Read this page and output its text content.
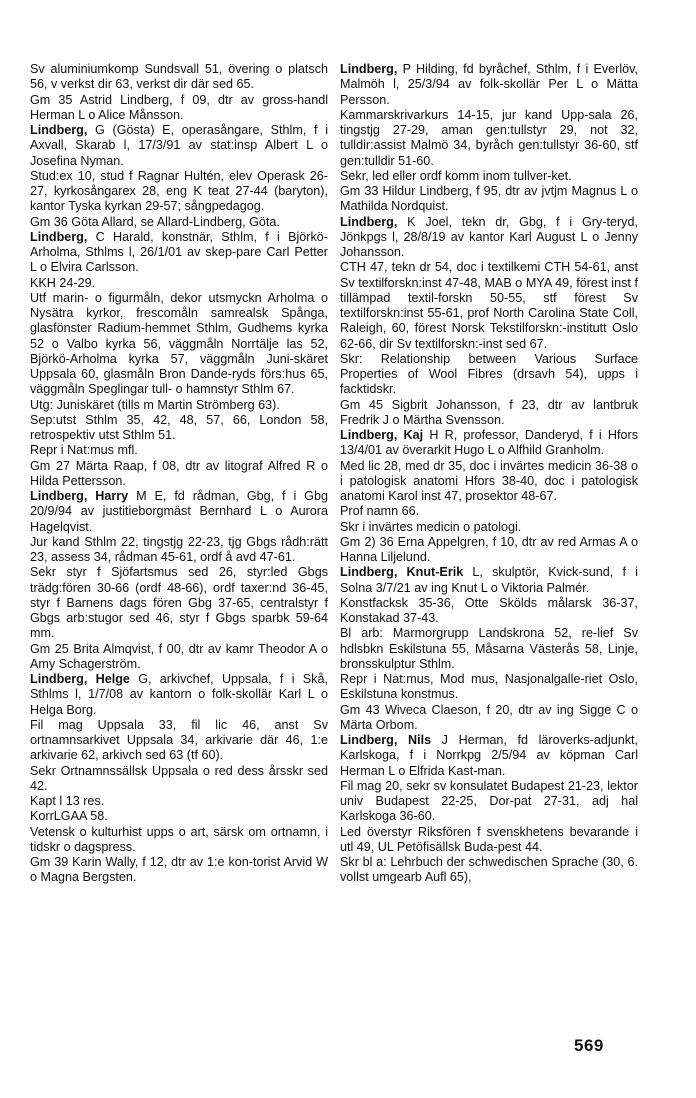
Sv aluminiumkomp Sundsvall 51, övering o platsch 56, v verkst dir 63, verkst dir där sed 65.

Gm 35 Astrid Lindberg, f 09, dtr av gross-handl Herman L o Alice Månsson.

Lindberg, G (Gösta) E, operasångare, Sthlm, f i Axvall, Skarab l, 17/3/91 av stat:insp Albert L o Josefina Nyman.

Stud:ex 10, stud f Ragnar Hultén, elev Operask 26-27, kyrkosångarex 28, eng K teat 27-44 (baryton), kantor Tyska kyrkan 29-57; sångpedagog.

Gm 36 Göta Allard, se Allard-Lindberg, Göta.

Lindberg, C Harald, konstnär, Sthlm, f i Björkö-Arholma, Sthlms l, 26/1/01 av skep-pare Carl Petter L o Elvira Carlsson.

KKH 24-29.

Utf marin- o figurmåln, dekor utsmyckn Arholma o Nysätra kyrkor, frescomåln samrealsk Spånga, glasfönster Radium-hemmet Sthlm, Gudhems kyrka 52 o Valbo kyrka 56, väggmåln Norrtälje las 52, Björkö-Arholma kyrka 57, väggmåln Juni-skäret Uppsala 60, glasmåln Bron Dande-ryds förs:hus 65, väggmåln Speglingar tull- o hamnstyr Sthlm 67.

Utg: Juniskäret (tills m Martin Strömberg 63).

Sep:utst Sthlm 35, 42, 48, 57, 66, London 58, retrospektiv utst Sthlm 51.

Repr i Nat:mus mfl.

Gm 27 Märta Raap, f 08, dtr av litograf Alfred R o Hilda Pettersson.

Lindberg, Harry M E, fd rådman, Gbg, f i Gbg 20/9/94 av justitieborgmäst Bernhard L o Aurora Hagelqvist.

Jur kand Sthlm 22, tingstjg 22-23, tjg Gbgs rådh:rätt 23, assess 34, rådman 45-61, ordf å avd 47-61.

Sekr styr f Sjöfartsmus sed 26, styr:led Gbgs trädg:fören 30-66 (ordf 48-66), ordf taxer:nd 36-45, styr f Barnens dags fören Gbg 37-65, centralstyr f Gbgs arb:stugor sed 46, styr f Gbgs sparbk 59-64 mm.

Gm 25 Brita Almqvist, f 00, dtr av kamr Theodor A o Amy Schagerström.

Lindberg, Helge G, arkivchef, Uppsala, f i Skå, Sthlms l, 1/7/08 av kantorn o folk-skollär Karl L o Helga Borg.

Fil mag Uppsala 33, fil lic 46, anst Sv ortnamnsarkivet Uppsala 34, arkivarie där 46, 1:e arkivarie 62, arkivch sed 63 (tf 60).

Sekr Ortnamnssällsk Uppsala o red dess årsskr sed 42.

Kapt l 13 res.

KorrLGAA 58.

Vetensk o kulturhist upps o art, särsk om ortnamn, i tidskr o dagspress.

Gm 39 Karin Wally, f 12, dtr av 1:e kon-torist Arvid W o Magna Bergsten.

Lindberg, P Hilding, fd byråchef, Sthlm, f i Everlöv, Malmöh l, 25/3/94 av folk-skollär Per L o Mätta Persson.

Kammarskrivarkurs 14-15, jur kand Upp-sala 26, tingstjg 27-29, aman gen:tullstyr 29, not 32, tulldir:assist Malmö 34, byråch gen:tullstyr 36-60, stf gen:tulldir 51-60.

Sekr, led eller ordf komm inom tullver-ket.

Gm 33 Hildur Lindberg, f 95, dtr av jvtjm Magnus L o Mathilda Nordquist.

Lindberg, K Joel, tekn dr, Gbg, f i Gry-teryd, Jönkpgs l, 28/8/19 av kantor Karl August L o Jenny Johansson.

CTH 47, tekn dr 54, doc i textilkemi CTH 54-61, anst Sv textilforskn:inst 47-48, MAB o MYA 49, förest inst f tillämpad textil-forskn 50-55, stf förest Sv textilforskn:inst 55-61, prof North Carolina State Coll, Raleigh, 60, förest Norsk Tekstilforskn:-institutt Oslo 62-66, dir Sv textilforskn:-inst sed 67.

Skr: Relationship between Various Surface Properties of Wool Fibres (drsavh 54), upps i facktidskr.

Gm 45 Sigbrit Johansson, f 23, dtr av lantbruk Fredrik J o Märtha Svensson.

Lindberg, Kaj H R, professor, Danderyd, f i Hfors 13/4/01 av överarkit Hugo L o Alfhild Granholm.

Med lic 28, med dr 35, doc i invärtes medicin 36-38 o i patologisk anatomi Hfors 38-40, doc i patologisk anatomi Karol inst 47, prosektor 48-67.

Prof namn 66.

Skr i invärtes medicin o patologi.

Gm 2) 36 Erna Appelgren, f 10, dtr av red Armas A o Hanna Liljelund.

Lindberg, Knut-Erik L, skulptör, Kvick-sund, f i Solna 3/7/21 av ing Knut L o Viktoria Palmér.

Konstfacksk 35-36, Otte Skölds målarsk 36-37, Konstakad 37-43.

Bl arb: Marmorgrupp Landskrona 52, re-lief Sv hdlsbkn Eskilstuna 55, Måsarna Västerås 58, Linje, bronsskulptur Sthlm.

Repr i Nat:mus, Mod mus, Nasjonalgalle-riet Oslo, Eskilstuna konstmus.

Gm 43 Wiveca Claeson, f 20, dtr av ing Sigge C o Märta Orbom.

Lindberg, Nils J Herman, fd läroverks-adjunkt, Karlskoga, f i Norrkpg 2/5/94 av köpman Carl Herman L o Elfrida Kast-man.

Fil mag 20, sekr sv konsulatet Budapest 21-23, lektor univ Budapest 22-25, Dor-pat 27-31, adj hal Karlskoga 36-60.

Led överstyr Riksfören f svenskhetens bevarande i utl 49, UL Petöfisällsk Buda-pest 44.

Skr bl a: Lehrbuch der schwedischen Sprache (30, 6. vollst umgearb Aufl 65),

569
